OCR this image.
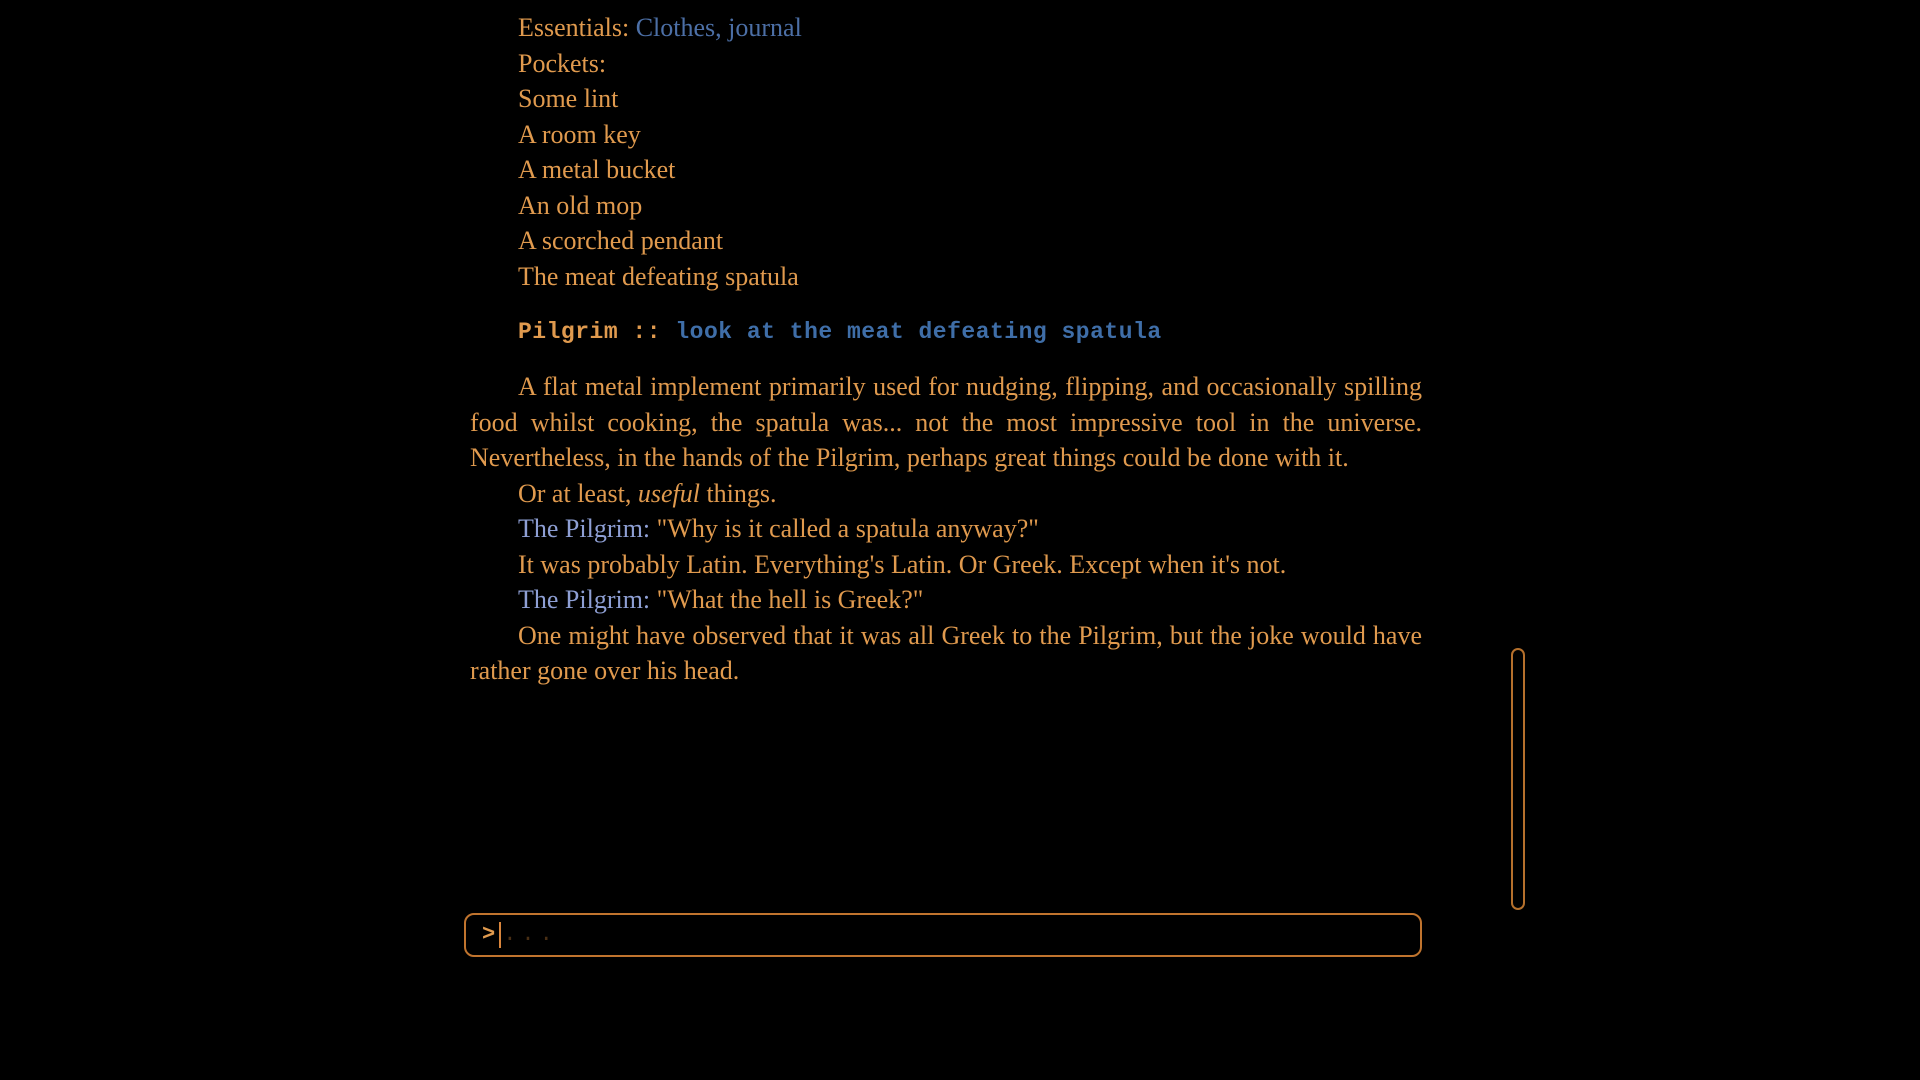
Essentials: Clothes, journal
Pockets:
Some lint
A room key
A metal bucket
An old mop
A scorched pendant
The meat defeating spatula
Pilgrim :: look at the meat defeating spatula

A flat metal implement primarily used for nudging, flipping, and occasionally spilling food whilst cooking, the spatula was... not the most impressive tool in the universe. Nevertheless, in the hands of the Pilgrim, perhaps great things could be done with it.

Or at least, useful things.

The Pilgrim: "Why is it called a spatula anyway?"

It was probably Latin. Everything's Latin. Or Greek. Except when it's not.

The Pilgrim: "What the hell is Greek?"

One might have observed that it was all Greek to the Pilgrim, but the joke would have rather gone over his head.

> ...
